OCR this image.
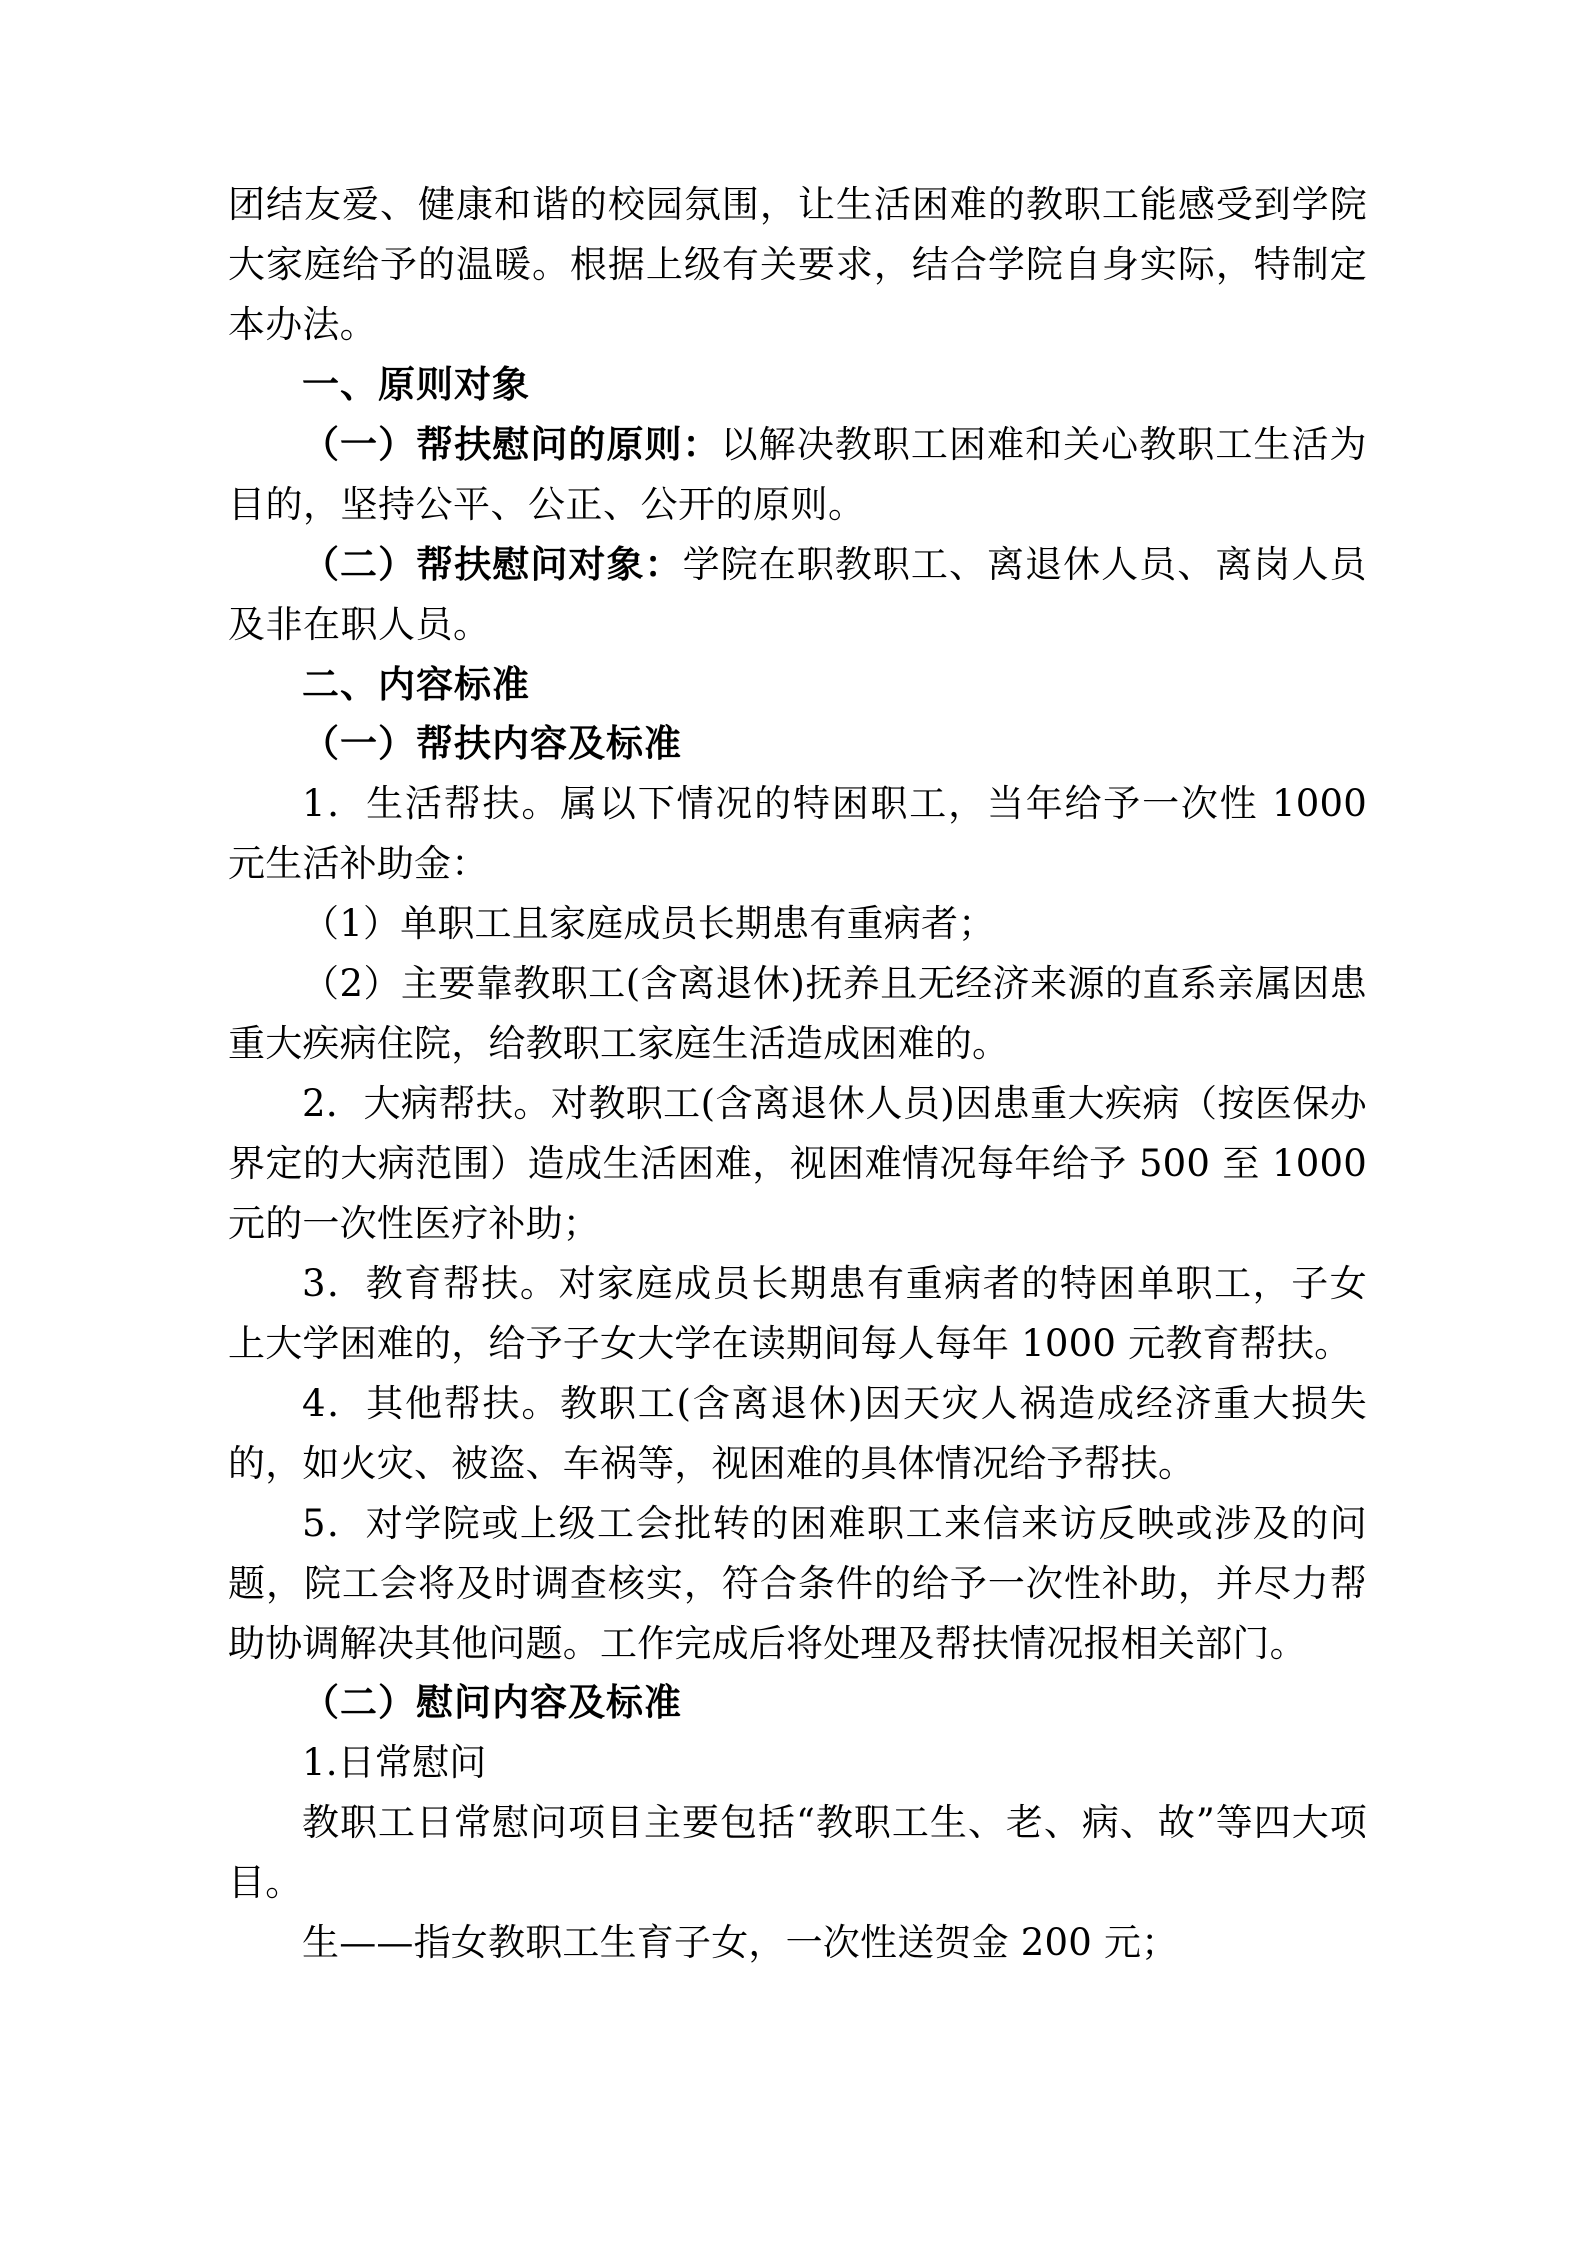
团结友爱、健康和谐的校园氛围，让生活困难的教职工能感受到学院大家庭给予的温暖。根据上级有关要求，结合学院自身实际，特制定本办法。

一、原则对象

（一）帮扶慰问的原则：以解决教职工困难和关心教职工生活为目的，坚持公平、公正、公开的原则。

（二）帮扶慰问对象：学院在职教职工、离退休人员、离岗人员及非在职人员。

二、内容标准

（一）帮扶内容及标准

1．生活帮扶。属以下情况的特困职工，当年给予一次性 1000 元生活补助金：

（1）单职工且家庭成员长期患有重病者；

（2）主要靠教职工(含离退休)抚养且无经济来源的直系亲属因患重大疾病住院，给教职工家庭生活造成困难的。

2．大病帮扶。对教职工(含离退休人员)因患重大疾病（按医保办界定的大病范围）造成生活困难，视困难情况每年给予 500 至 1000 元的一次性医疗补助；

3．教育帮扶。对家庭成员长期患有重病者的特困单职工，子女上大学困难的，给予子女大学在读期间每人每年 1000 元教育帮扶。

4．其他帮扶。教职工(含离退休)因天灾人祸造成经济重大损失的，如火灾、被盗、车祸等，视困难的具体情况给予帮扶。

5．对学院或上级工会批转的困难职工来信来访反映或涉及的问题，院工会将及时调查核实，符合条件的给予一次性补助，并尽力帮助协调解决其他问题。工作完成后将处理及帮扶情况报相关部门。

（二）慰问内容及标准

1.日常慰问

教职工日常慰问项目主要包括“教职工生、老、病、故”等四大项目。

生——指女教职工生育子女，一次性送贺金 200 元；
